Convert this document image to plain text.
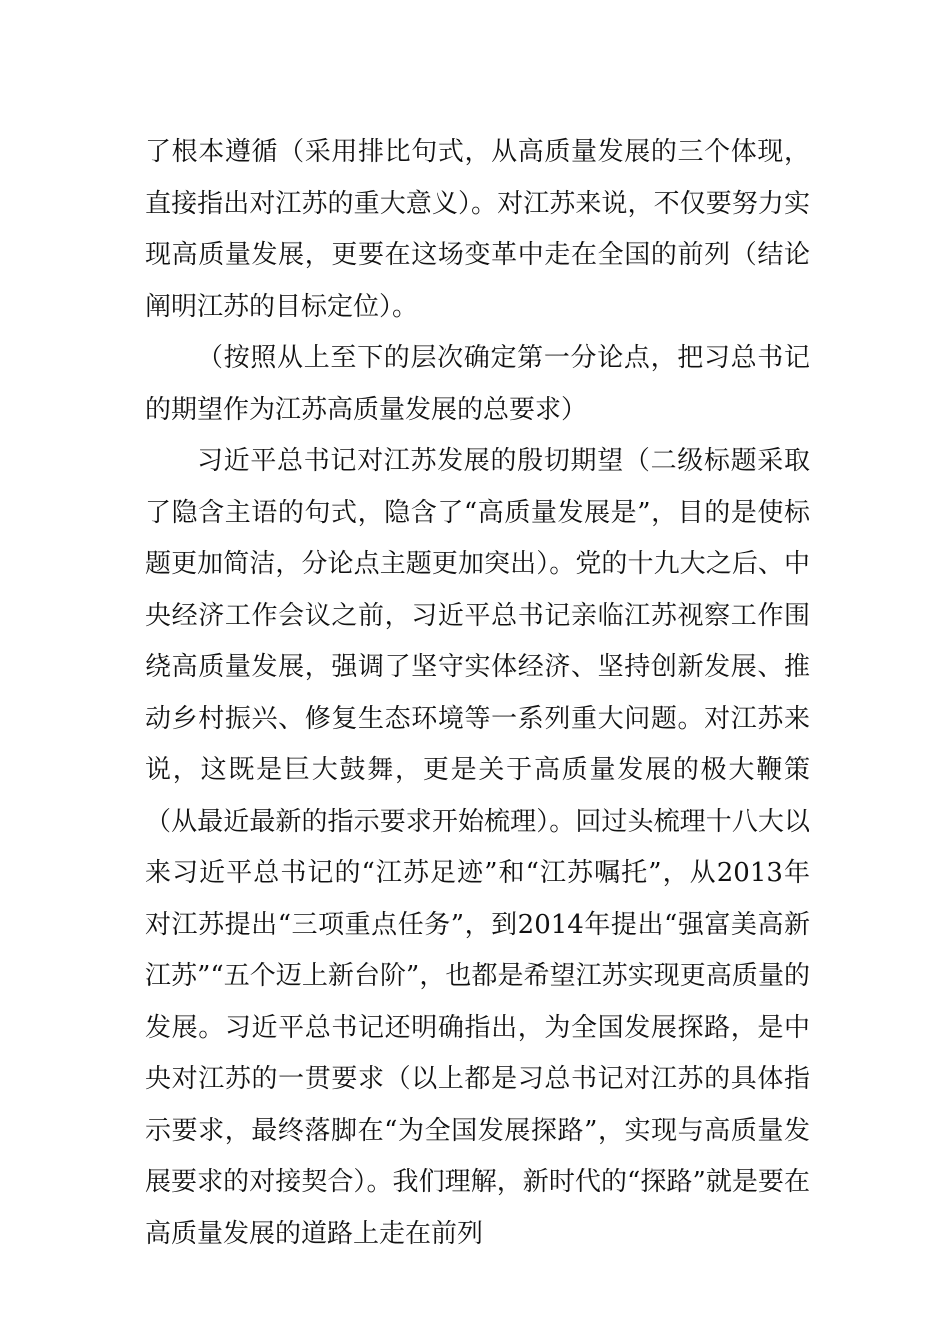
了根本遵循（采用排比句式，从高质量发展的三个体现，直接指出对江苏的重大意义）。对江苏来说，不仅要努力实现高质量发展，更要在这场变革中走在全国的前列（结论阐明江苏的目标定位）。

（按照从上至下的层次确定第一分论点，把习总书记的期望作为江苏高质量发展的总要求）

习近平总书记对江苏发展的殷切期望（二级标题采取了隐含主语的句式，隐含了“高质量发展是”，目的是使标题更加简洁，分论点主题更加突出）。党的十九大之后、中央经济工作会议之前，习近平总书记亲临江苏视察工作围绕高质量发展，强调了坚守实体经济、坚持创新发展、推动乡村振兴、修复生态环境等一系列重大问题。对江苏来说，这既是巨大鼓舞，更是关于高质量发展的极大鞭策（从最近最新的指示要求开始梳理）。回过头梳理十八大以来习近平总书记的“江苏足迹”和“江苏嘱托”，从2013年对江苏提出“三项重点任务”，到2014年提出“强富美高新江苏”“五个迈上新台阶”，也都是希望江苏实现更高质量的发展。习近平总书记还明确指出，为全国发展探路，是中央对江苏的一贯要求（以上都是习总书记对江苏的具体指示要求，最终落脚在“为全国发展探路”，实现与高质量发展要求的对接契合）。我们理解，新时代的“探路”就是要在高质量发展的道路上走在前列
